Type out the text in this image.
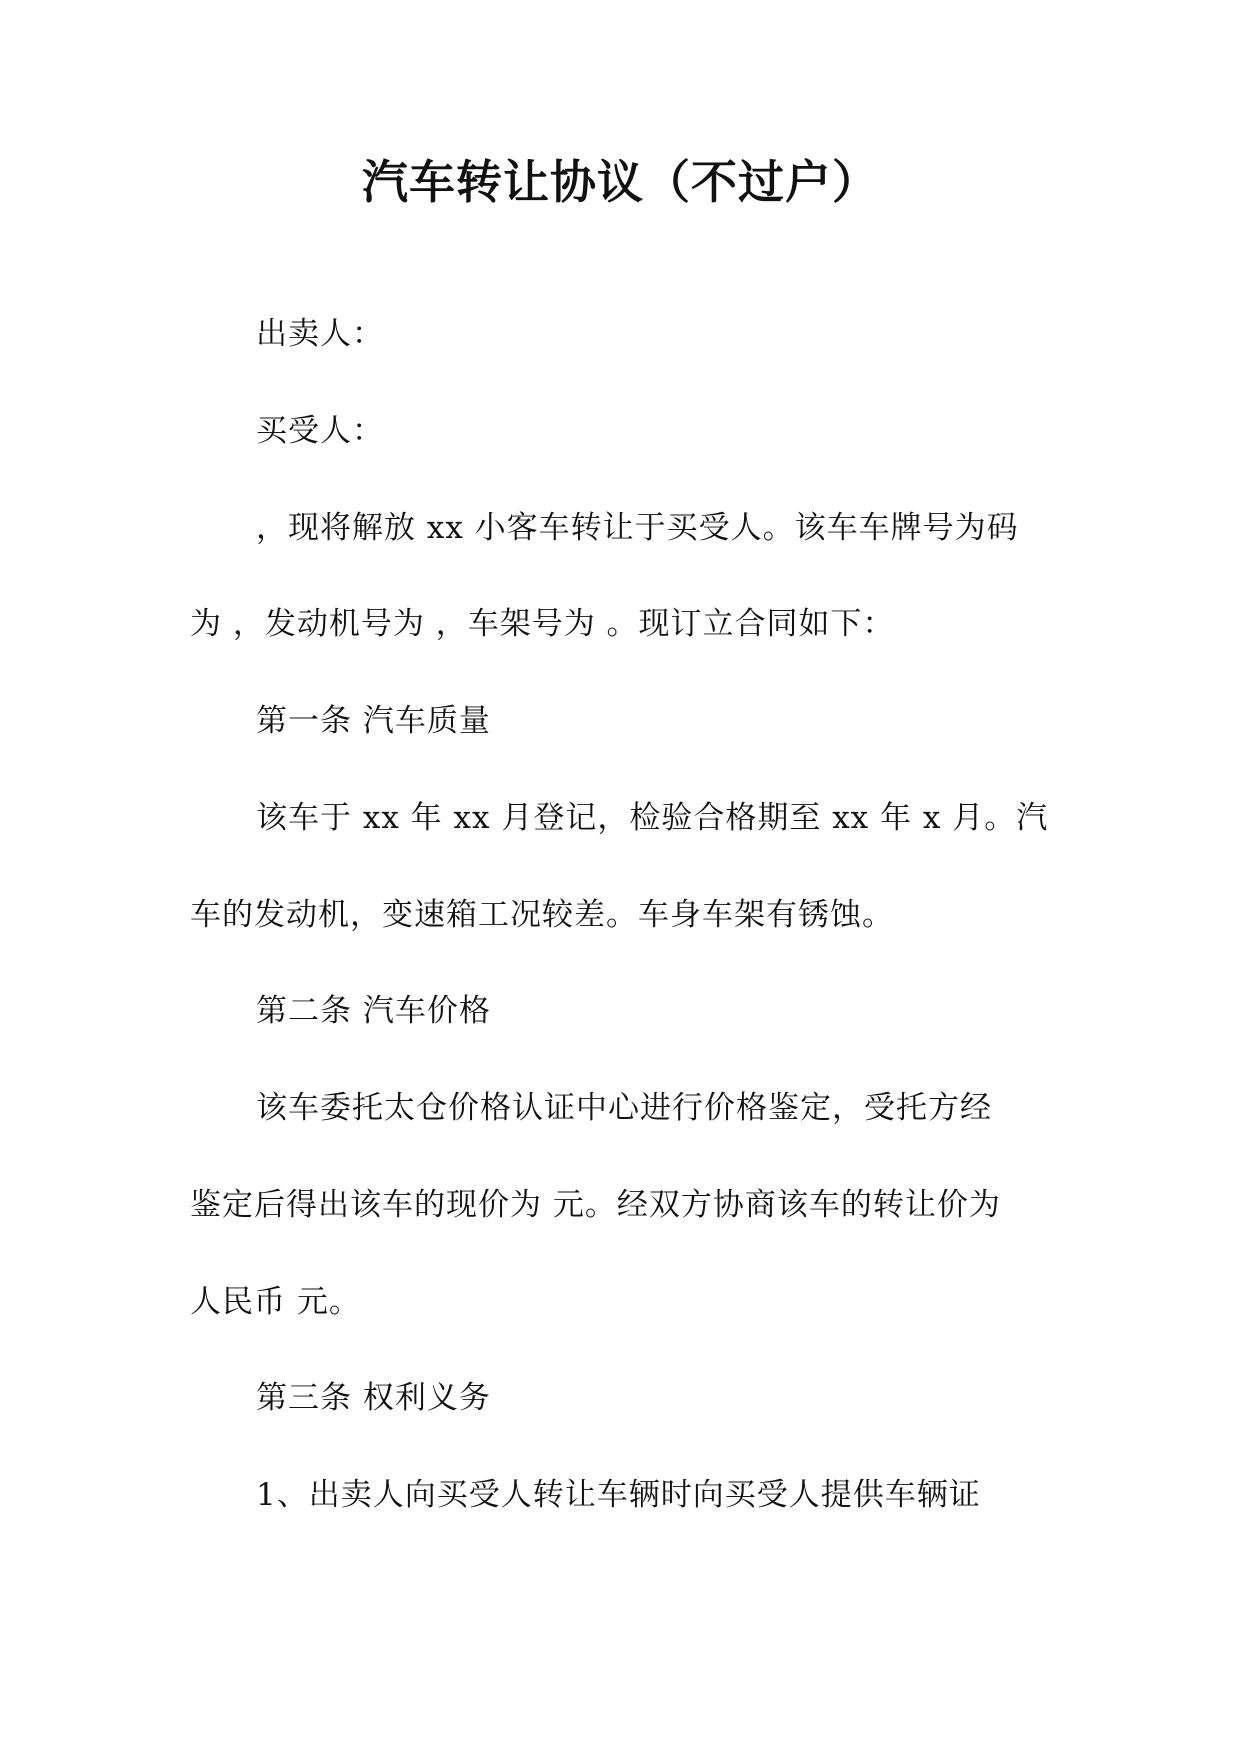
汽车转让协议（不过户）
出卖人：
买受人：
，现将解放 xx 小客车转让于买受人。该车车牌号为码
为 ，发动机号为 ，车架号为 。现订立合同如下：
第一条 汽车质量
该车于 xx 年 xx 月登记，检验合格期至 xx 年 x 月。汽
车的发动机，变速箱工况较差。车身车架有锈蚀。
第二条 汽车价格
该车委托太仓价格认证中心进行价格鉴定，受托方经
鉴定后得出该车的现价为 元。经双方协商该车的转让价为
人民币 元。
第三条 权利义务
1、出卖人向买受人转让车辆时向买受人提供车辆证
